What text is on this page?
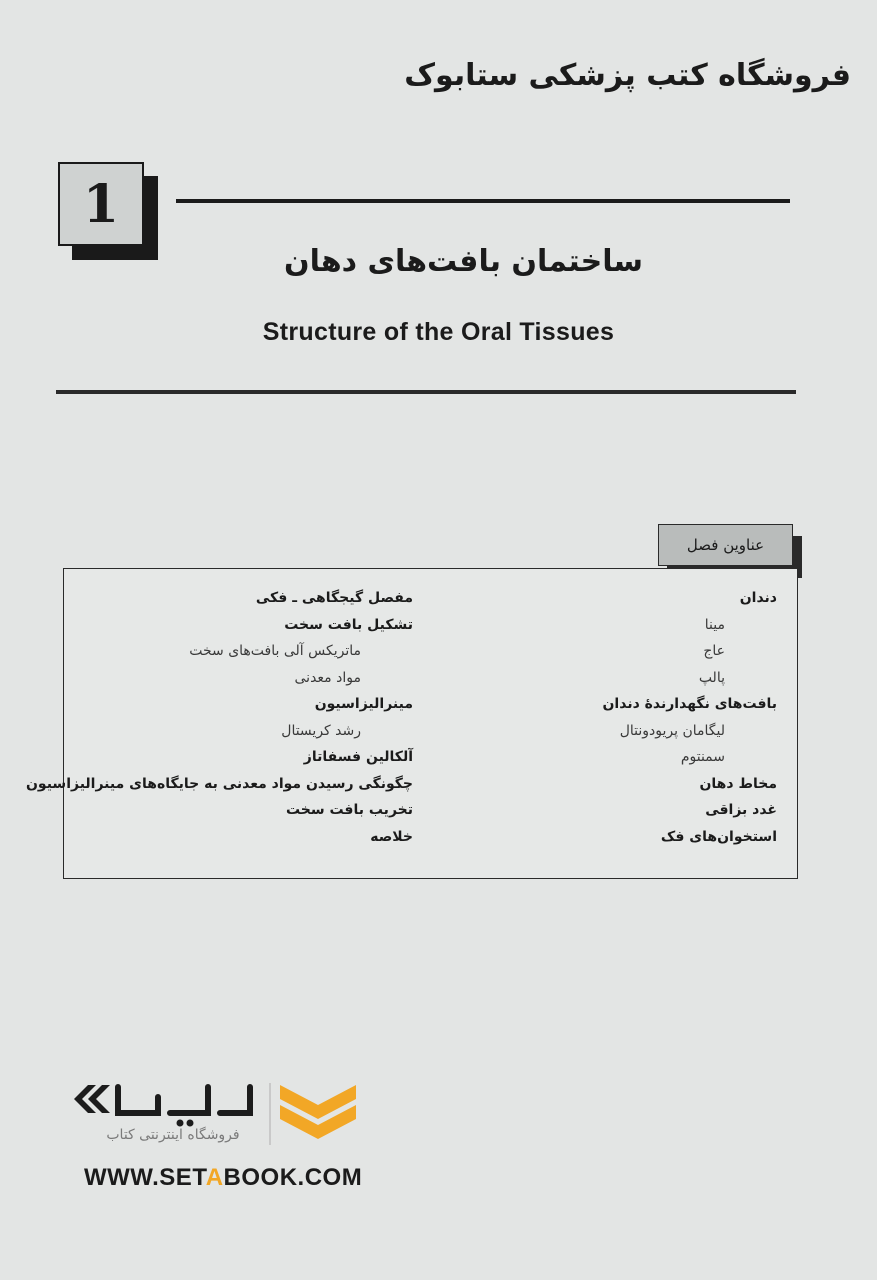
فروشگاه کتب پزشکی ستابوک
1
ساختمان بافت‌های دهان
Structure of the Oral Tissues
عناوین فصل
دندان
مینا
عاج
پالپ
بافت‌های نگهدارندهٔ دندان
لیگامان پریودونتال
سمنتوم
مخاط دهان
غدد بزاقی
استخوان‌های فک
مفصل گیجگاهی ـ فکی
تشکیل بافت سخت
ماتریکس آلی بافت‌های سخت
مواد معدنی
مینرالیزاسیون
رشد کریستال
آلکالین فسفاتاز
چگونگی رسیدن مواد معدنی به جایگاه‌های مینرالیزاسیون
تخریب بافت سخت
خلاصه
فروشگاه اینترنتی کتاب
WWW.SETABOOK.COM
